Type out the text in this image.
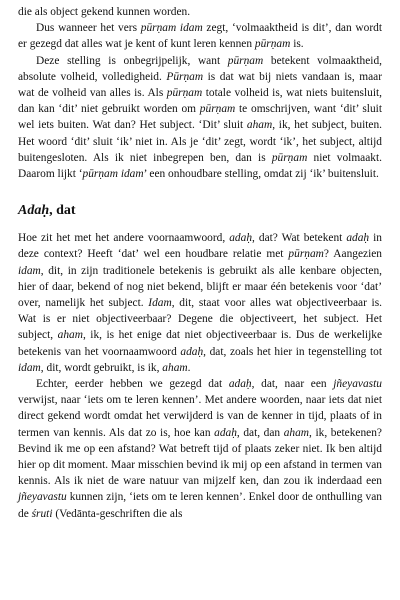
die als object gekend kunnen worden.

Dus wanneer het vers pūrṇam idam zegt, ‘volmaaktheid is dit’, dan wordt er gezegd dat alles wat je kent of kunt leren kennen pūrṇam is.

Deze stelling is onbegrijpelijk, want pūrṇam betekent volmaaktheid, absolute volheid, volledigheid. Pūrṇam is dat wat bij niets vandaan is, maar wat de volheid van alles is. Als pūrṇam totale volheid is, wat niets buitensluit, dan kan ‘dit’ niet gebruikt worden om pūrṇam te omschrijven, want ‘dit’ sluit wel iets buiten. Wat dan? Het subject. ‘Dit’ sluit aham, ik, het subject, buiten. Het woord ‘dit’ sluit ‘ik’ niet in. Als je ‘dit’ zegt, wordt ‘ik’, het subject, altijd buitengesloten. Als ik niet inbegrepen ben, dan is pūrṇam niet volmaakt. Daarom lijkt ‘pūrṇam idam’ een onhoudbare stelling, omdat zij ‘ik’ buitensluit.

Adaḥ, dat

Hoe zit het met het andere voornaamwoord, adaḥ, dat? Wat betekent adaḥ in deze context? Heeft ‘dat’ wel een houdbare relatie met pūrṇam? Aangezien idam, dit, in zijn traditionele betekenis is gebruikt als alle kenbare objecten, hier of daar, bekend of nog niet bekend, blijft er maar één betekenis voor ‘dat’ over, namelijk het subject. Idam, dit, staat voor alles wat objectiveerbaar is. Wat is er niet objectiveerbaar? Degene die objectiveert, het subject. Het subject, aham, ik, is het enige dat niet objectiveerbaar is. Dus de werkelijke betekenis van het voornaamwoord adaḥ, dat, zoals het hier in tegenstelling tot idam, dit, wordt gebruikt, is ik, aham.

Echter, eerder hebben we gezegd dat adaḥ, dat, naar een jñeyavastu verwijst, naar ‘iets om te leren kennen’. Met andere woorden, naar iets dat niet direct gekend wordt omdat het verwijderd is van de kenner in tijd, plaats of in termen van kennis. Als dat zo is, hoe kan adaḥ, dat, dan aham, ik, betekenen? Bevind ik me op een afstand? Wat betreft tijd of plaats zeker niet. Ik ben altijd hier op dit moment. Maar misschien bevind ik mij op een afstand in termen van kennis. Als ik niet de ware natuur van mijzelf ken, dan zou ik inderdaad een jñeyavastu kunnen zijn, ‘iets om te leren kennen’. Enkel door de onthulling van de śruti (Vedānta-geschriften die als
